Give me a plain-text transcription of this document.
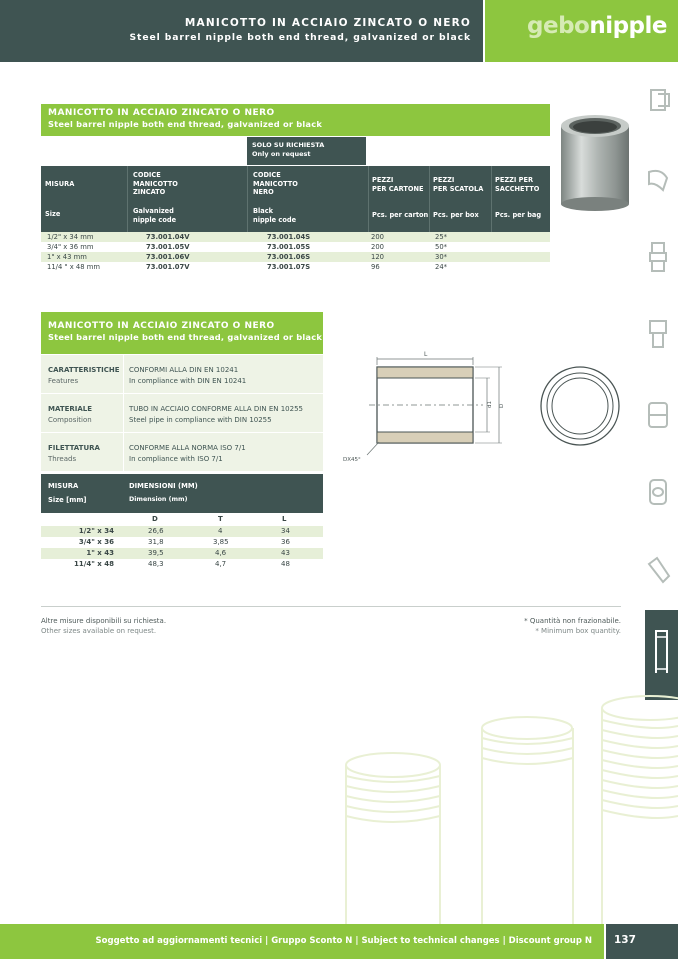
MANICOTTO IN ACCIAIO ZINCATO O NERO
Steel barrel nipple both end thread, galvanized or black gebonipple
MANICOTTO IN ACCIAIO ZINCATO O NERO
Steel barrel nipple both end thread, galvanized or black
SOLO SU RICHIESTA
Only on request
MISURA
Size
CODICE
MANICOTTO
ZINCATO
Galvanized
nipple code
CODICE
MANICOTTO
NERO
Black
nipple code
PEZZI
PER CARTONE
Pcs. per carton
PEZZI
PER SCATOLA
Pcs. per box
PEZZI PER
SACCHETTO
Pcs. per bag
1/2" x 34 mm	73.001.04V	73.001.04S	200	25*
3/4" x 36 mm	73.001.05V	73.001.05S	200	50*
1" x 43 mm	73.001.06V	73.001.06S	120	30*
11/4 " x 48 mm	73.001.07V	73.001.07S	96	24*
MANICOTTO IN ACCIAIO ZINCATO O NERO
Steel barrel nipple both end thread, galvanized or black
CARATTERISTICHE
Features
CONFORMI ALLA DIN EN 10241
In compliance with DIN EN 10241
MATERIALE
Composition
TUBO IN ACCIAIO CONFORME ALLA DIN EN 10255
Steel pipe in compliance with DIN 10255
FILETTATURA
Threads
CONFORME ALLA NORMA ISO 7/1
In compliance with ISO 7/1
MISURA
Size [mm]
DIMENSIONI (MM)
Dimension (mm)
D	T	L
1/2" x 34	26,6	4	34
3/4" x 36	31,8	3,85	36
1" x 43	39,5	4,6	43
11/4" x 48	48,3	4,7	48
L
d1 D
DX45°
Altre misure disponibili su richiesta.
Other sizes available on request.
* Quantità non frazionabile.
* Minimum box quantity.
Soggetto ad aggiornamenti tecnici | Gruppo Sconto N | Subject to technical changes | Discount group N 137
